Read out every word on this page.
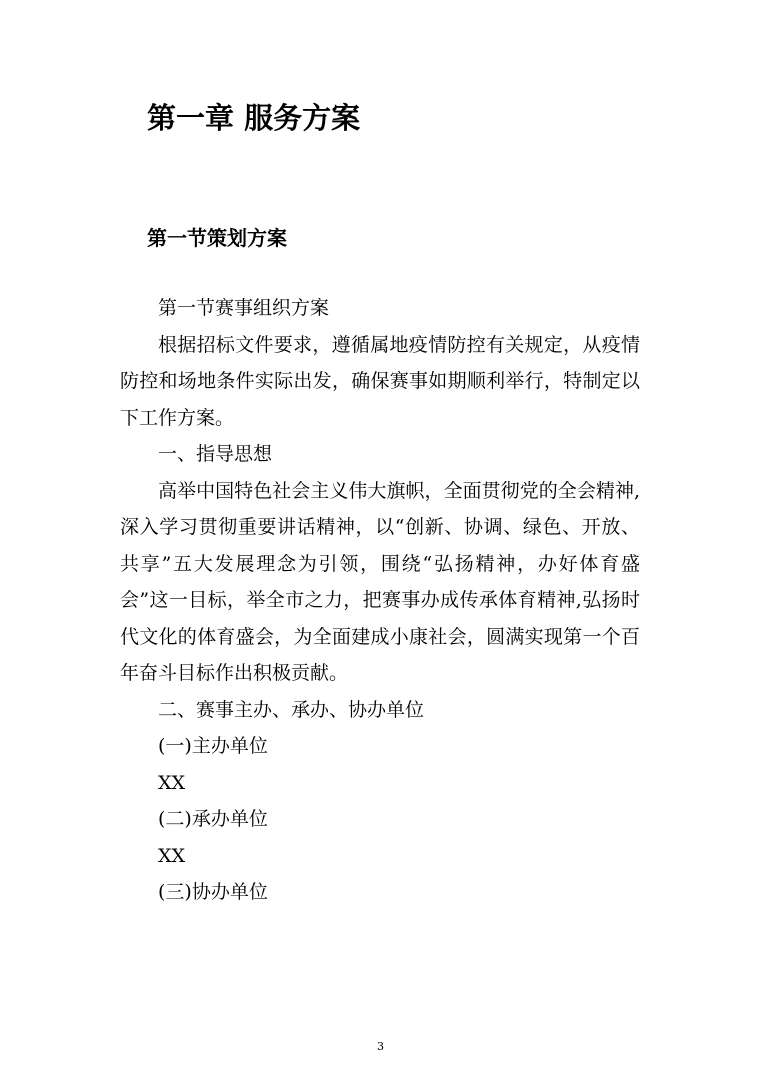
第一章 服务方案
第一节策划方案

第一节赛事组织方案

根据招标文件要求，遵循属地疫情防控有关规定，从疫情防控和场地条件实际出发，确保赛事如期顺利举行，特制定以下工作方案。

一、指导思想

高举中国特色社会主义伟大旗帜，全面贯彻党的全会精神,深入学习贯彻重要讲话精神，以“创新、协调、绿色、开放、共享”五大发展理念为引领，围绕“弘扬精神，办好体育盛会”这一目标，举全市之力，把赛事办成传承体育精神,弘扬时代文化的体育盛会，为全面建成小康社会，圆满实现第一个百年奋斗目标作出积极贡献。

二、赛事主办、承办、协办单位

(一)主办单位

XX

(二)承办单位

XX

(三)协办单位

3
